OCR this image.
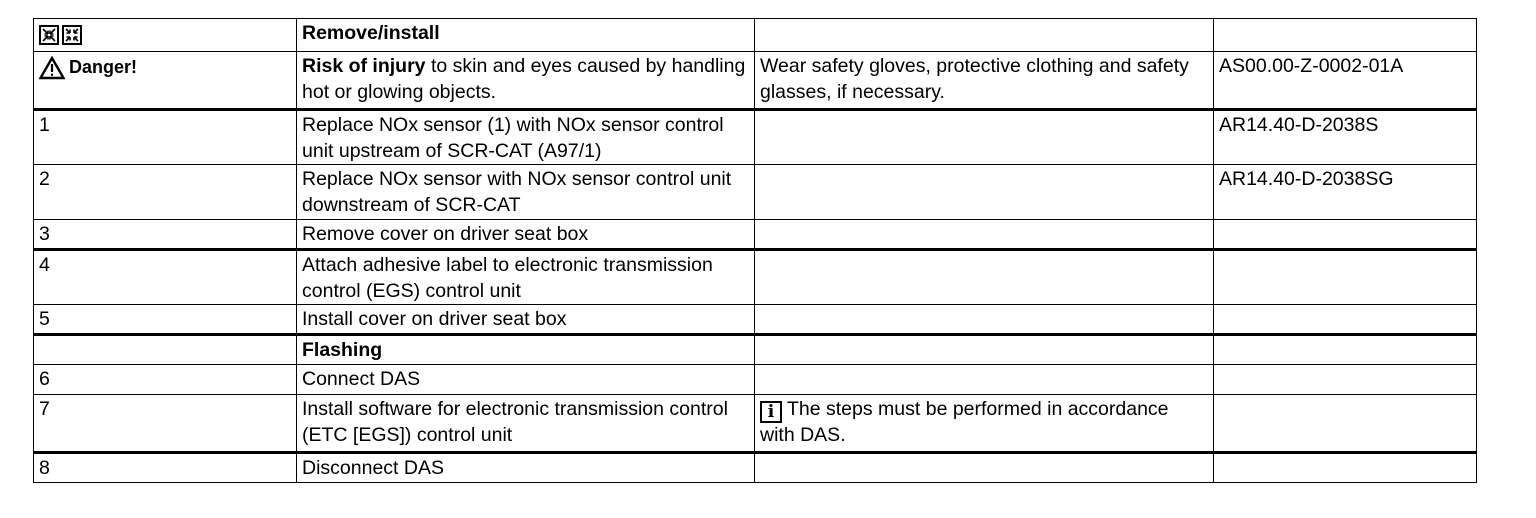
	Remove/install		

Danger!	Risk of injury to skin and eyes caused by handling hot or glowing objects.	Wear safety gloves, protective clothing and safety glasses, if necessary.	AS00.00-Z-0002-01A
1	Replace NOx sensor (1) with NOx sensor control unit upstream of SCR-CAT (A97/1)		AR14.40-D-2038S
2	Replace NOx sensor with NOx sensor control unit downstream of SCR-CAT		AR14.40-D-2038SG
3	Remove cover on driver seat box		
4	Attach adhesive label to electronic transmission control (EGS) control unit		
5	Install cover on driver seat box		
	Flashing		
6	Connect DAS		
7	Install software for electronic transmission control (ETC [EGS]) control unit	i The steps must be performed in accordance with DAS.	
8	Disconnect DAS		
